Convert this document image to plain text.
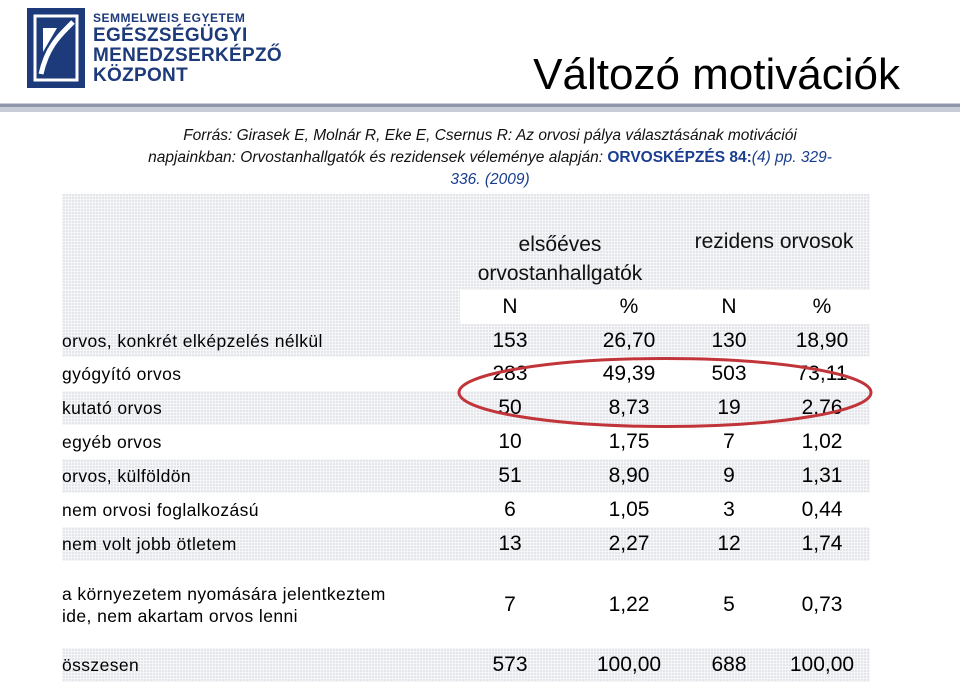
SEMMELWEIS EGYETEM
EGÉSZSÉGÜGYI
MENEDZSERKÉPZŐ
KÖZPONT	Változó motivációk
Forrás: Girasek E, Molnár R, Eke E, Csernus R: Az orvosi pálya választásának motivációi
napjainkban: Orvostanhallgatók és rezidensek véleménye alapján: ORVOSKÉPZÉS 84:(4) pp. 329-
336. (2009)
elsőéves
orvostanhallgatók
rezidens orvosok
N	%	N	%
orvos, konkrét elképzelés nélkül	153	26,70	130	18,90
gyógyító orvos	283	49,39	503	73,11
kutató orvos	50	8,73	19	2,76
egyéb orvos	10	1,75	7	1,02
orvos, külföldön	51	8,90	9	1,31
nem orvosi foglalkozású	6	1,05	3	0,44
nem volt jobb ötletem	13	2,27	12	1,74
a környezetem nyomására jelentkeztem
ide, nem akartam orvos lenni	7	1,22	5	0,73
összesen	573	100,00	688	100,00
